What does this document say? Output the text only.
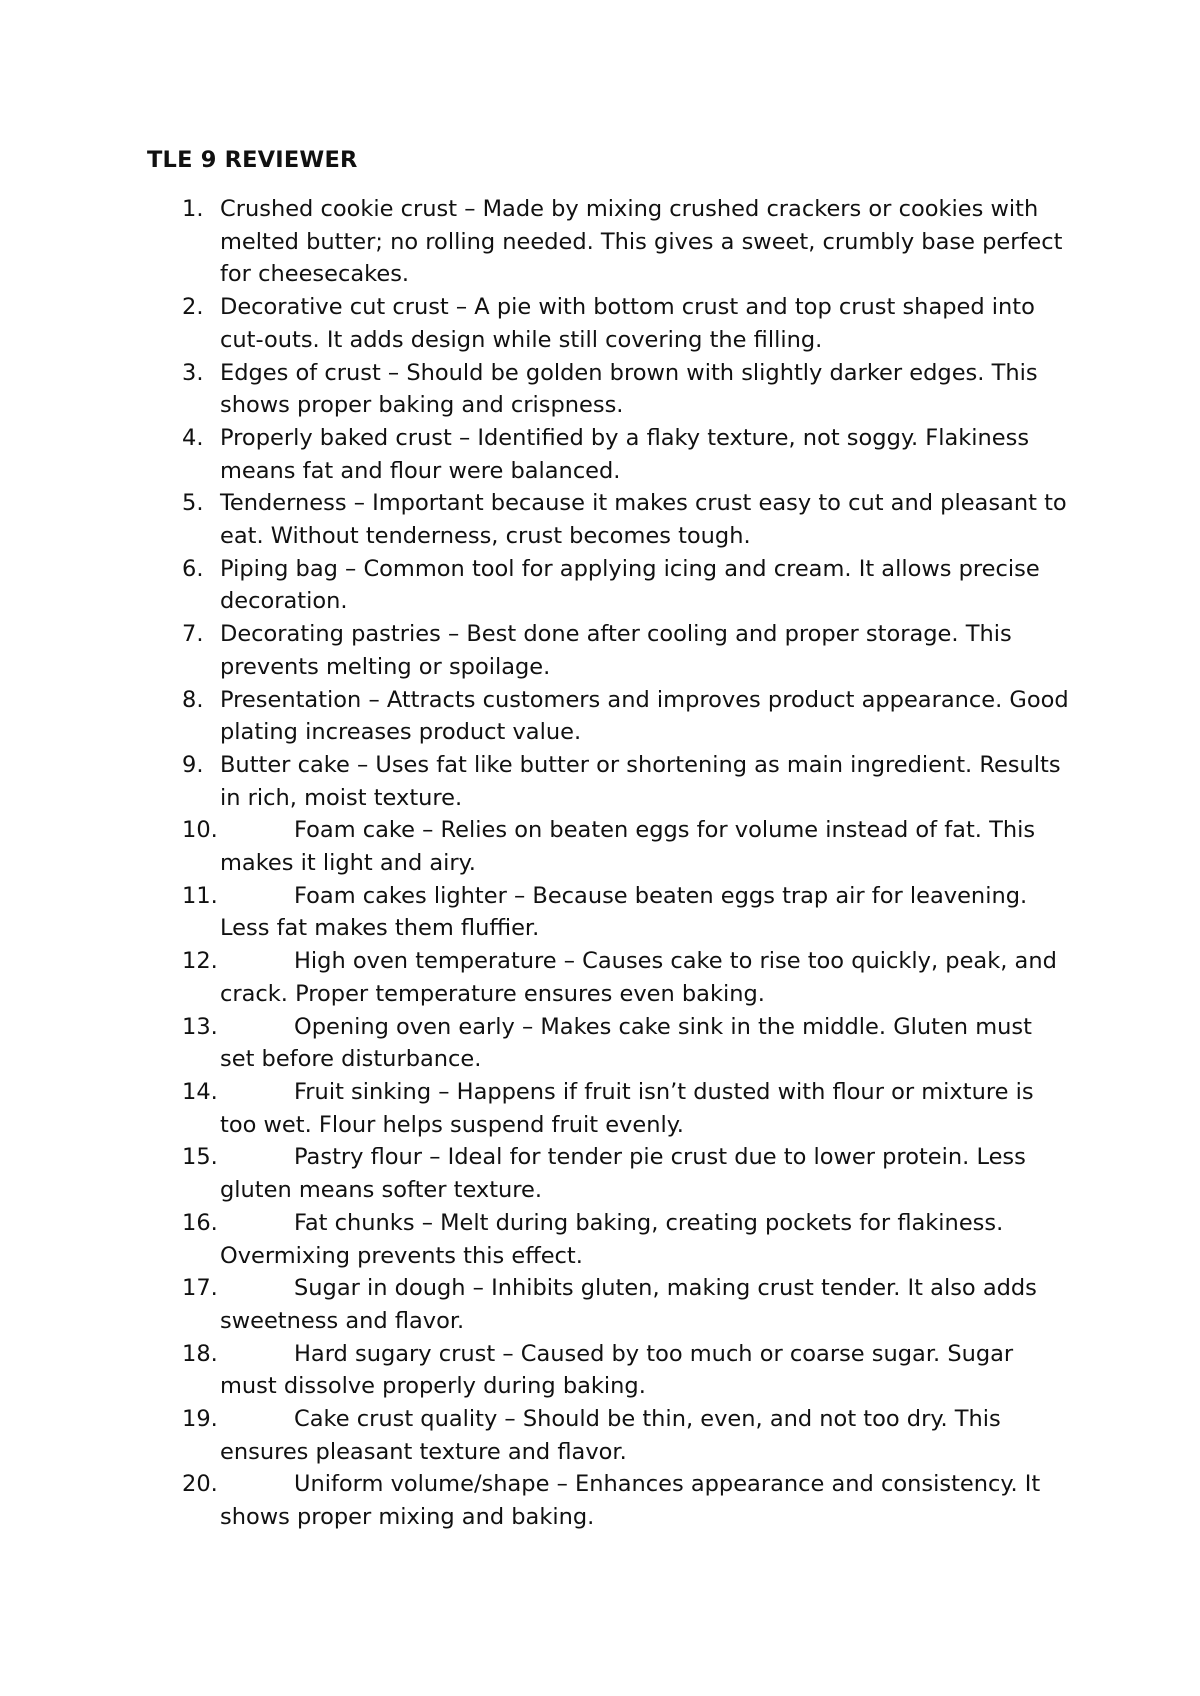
TLE 9 REVIEWER
1. Crushed cookie crust – Made by mixing crushed crackers or cookies with melted butter; no rolling needed. This gives a sweet, crumbly base perfect for cheesecakes.
2. Decorative cut crust – A pie with bottom crust and top crust shaped into cut-outs. It adds design while still covering the filling.
3. Edges of crust – Should be golden brown with slightly darker edges. This shows proper baking and crispness.
4. Properly baked crust – Identified by a flaky texture, not soggy. Flakiness means fat and flour were balanced.
5. Tenderness – Important because it makes crust easy to cut and pleasant to eat. Without tenderness, crust becomes tough.
6. Piping bag – Common tool for applying icing and cream. It allows precise decoration.
7. Decorating pastries – Best done after cooling and proper storage. This prevents melting or spoilage.
8. Presentation – Attracts customers and improves product appearance. Good plating increases product value.
9. Butter cake – Uses fat like butter or shortening as main ingredient. Results in rich, moist texture.
10.	Foam cake – Relies on beaten eggs for volume instead of fat. This makes it light and airy.
11.	Foam cakes lighter – Because beaten eggs trap air for leavening. Less fat makes them fluffier.
12.	High oven temperature – Causes cake to rise too quickly, peak, and crack. Proper temperature ensures even baking.
13.	Opening oven early – Makes cake sink in the middle. Gluten must set before disturbance.
14.	Fruit sinking – Happens if fruit isn’t dusted with flour or mixture is too wet. Flour helps suspend fruit evenly.
15.	Pastry flour – Ideal for tender pie crust due to lower protein. Less gluten means softer texture.
16.	Fat chunks – Melt during baking, creating pockets for flakiness. Overmixing prevents this effect.
17.	Sugar in dough – Inhibits gluten, making crust tender. It also adds sweetness and flavor.
18.	Hard sugary crust – Caused by too much or coarse sugar. Sugar must dissolve properly during baking.
19.	Cake crust quality – Should be thin, even, and not too dry. This ensures pleasant texture and flavor.
20.	Uniform volume/shape – Enhances appearance and consistency. It shows proper mixing and baking.
